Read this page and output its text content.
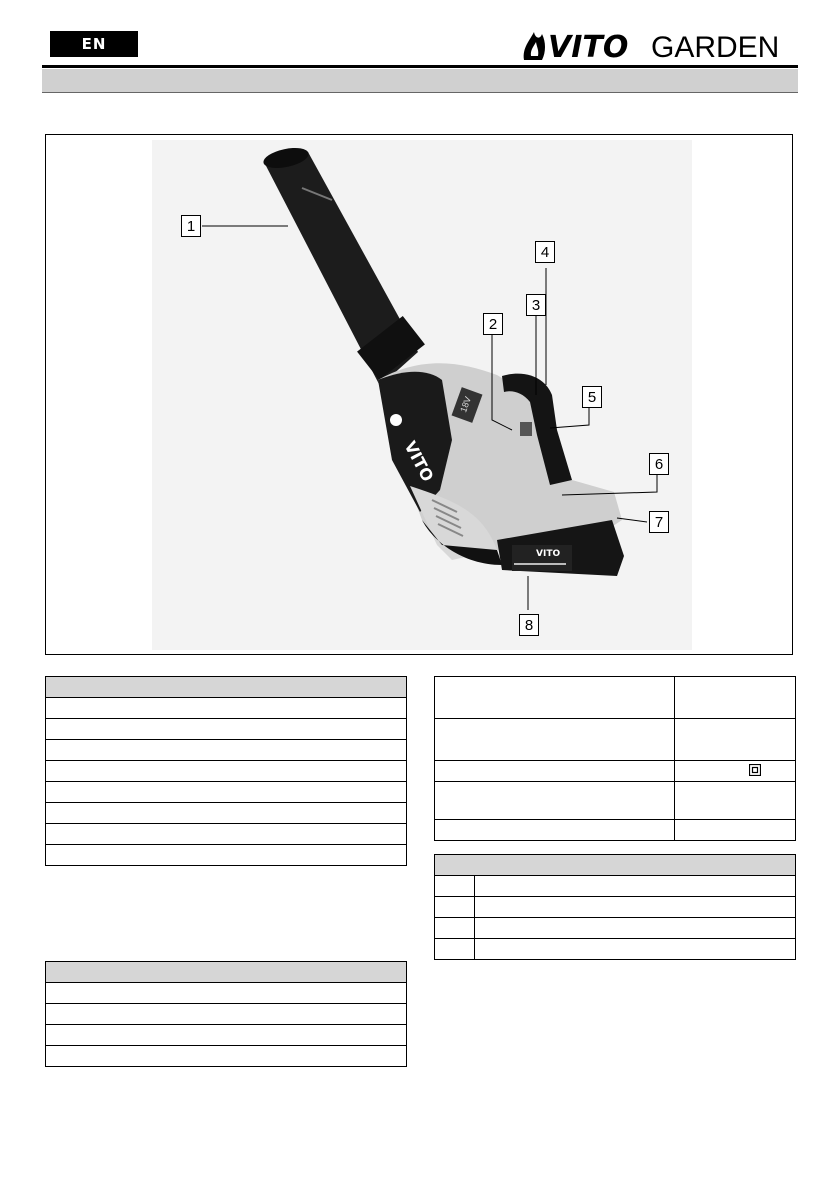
EN	VITO GARDEN
VITO
18V
VITO
1
2
3
4
5
6
7
8
